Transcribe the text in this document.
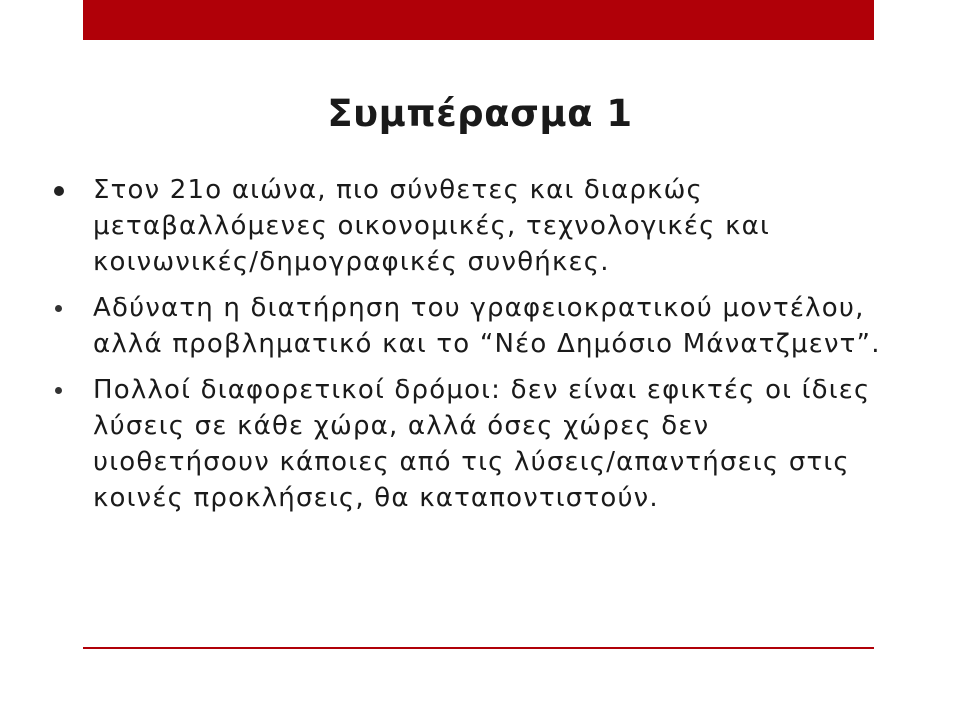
Συμπέρασμα 1
Στον 21ο αιώνα, πιο σύνθετες και διαρκώς μεταβαλλόμενες οικονομικές, τεχνολογικές και κοινωνικές/δημογραφικές συνθήκες.
Αδύνατη η διατήρηση του γραφειοκρατικού μοντέλου, αλλά προβληματικό και το “Νέο Δημόσιο Μάνατζμεντ”.
Πολλοί διαφορετικοί δρόμοι: δεν είναι εφικτές οι ίδιες λύσεις σε κάθε χώρα, αλλά όσες χώρες δεν υιοθετήσουν κάποιες από τις λύσεις/απαντήσεις στις κοινές προκλήσεις, θα καταποντιστούν.
